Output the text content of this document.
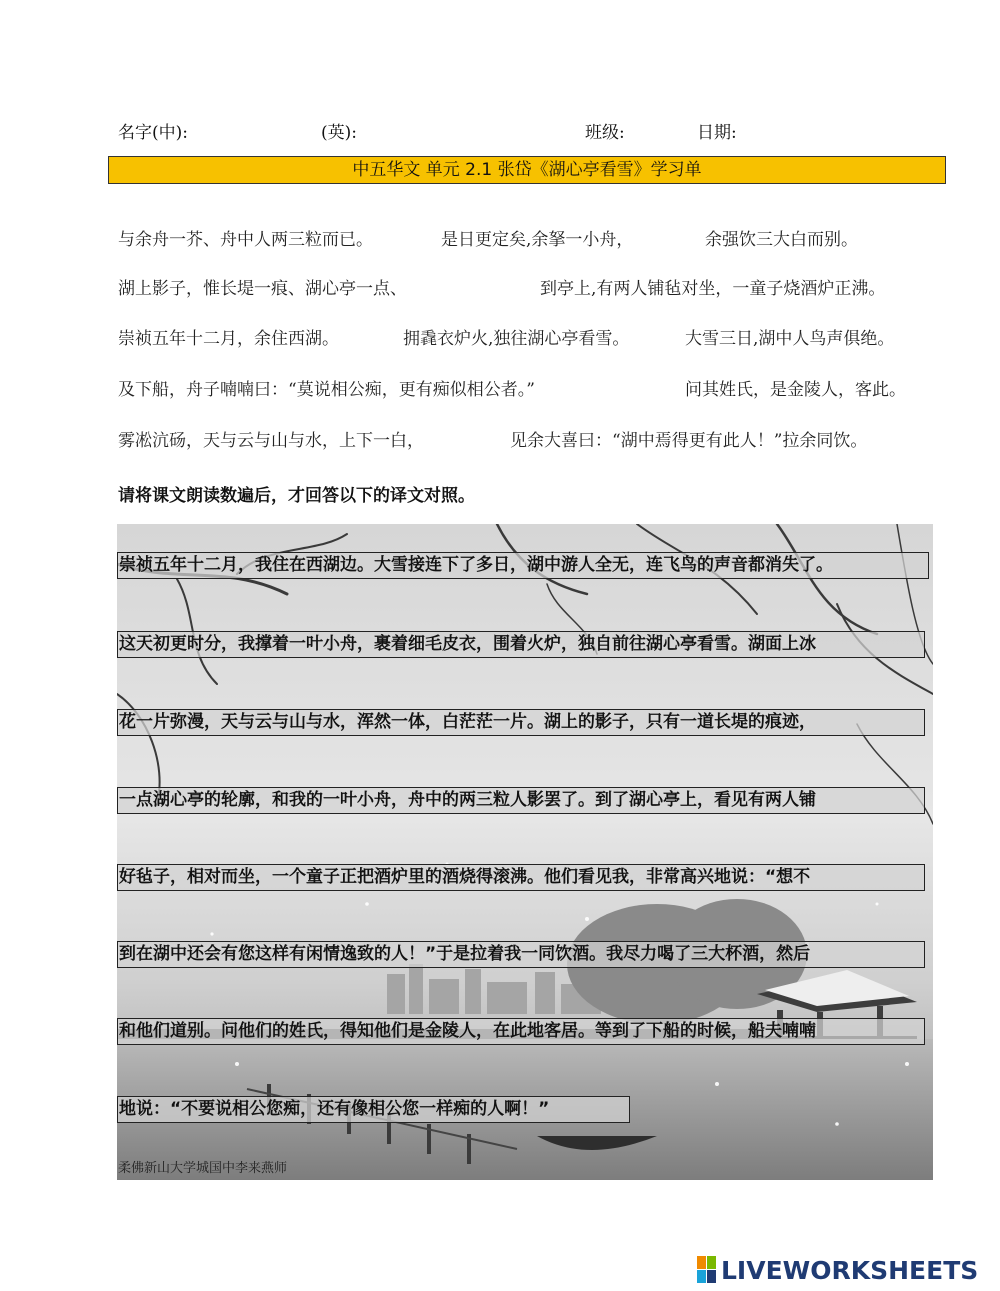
名字(中):	(英):	班级:	日期:
中五华文 单元 2.1 张岱《湖心亭看雪》学习单
与余舟一芥、舟中人两三粒而已。	是日更定矣,余拏一小舟，	余强饮三大白而别。
湖上影子，惟长堤一痕、湖心亭一点、	到亭上,有两人铺毡对坐，一童子烧酒炉正沸。
崇祯五年十二月，余住西湖。	拥毳衣炉火,独往湖心亭看雪。	大雪三日,湖中人鸟声俱绝。
及下船，舟子喃喃曰：“莫说相公痴，更有痴似相公者。”	问其姓氏，是金陵人，客此。
雾凇沆砀，天与云与山与水，上下一白，	见余大喜曰：“湖中焉得更有此人！”拉余同饮。
请将课文朗读数遍后，才回答以下的译文对照。
崇祯五年十二月，我住在西湖边。大雪接连下了多日，湖中游人全无，连飞鸟的声音都消失了。
这天初更时分，我撑着一叶小舟，裹着细毛皮衣，围着火炉，独自前往湖心亭看雪。湖面上冰
花一片弥漫，天与云与山与水，浑然一体，白茫茫一片。湖上的影子，只有一道长堤的痕迹，
一点湖心亭的轮廓，和我的一叶小舟，舟中的两三粒人影罢了。到了湖心亭上，看见有两人铺
好毡子，相对而坐，一个童子正把酒炉里的酒烧得滚沸。他们看见我，非常高兴地说：“想不
到在湖中还会有您这样有闲情逸致的人！”于是拉着我一同饮酒。我尽力喝了三大杯酒，然后
和他们道别。问他们的姓氏，得知他们是金陵人，在此地客居。等到了下船的时候，船夫喃喃
地说：“不要说相公您痴，还有像相公您一样痴的人啊！”
柔佛新山大学城国中李来燕师
LIVEWORKSHEETS
